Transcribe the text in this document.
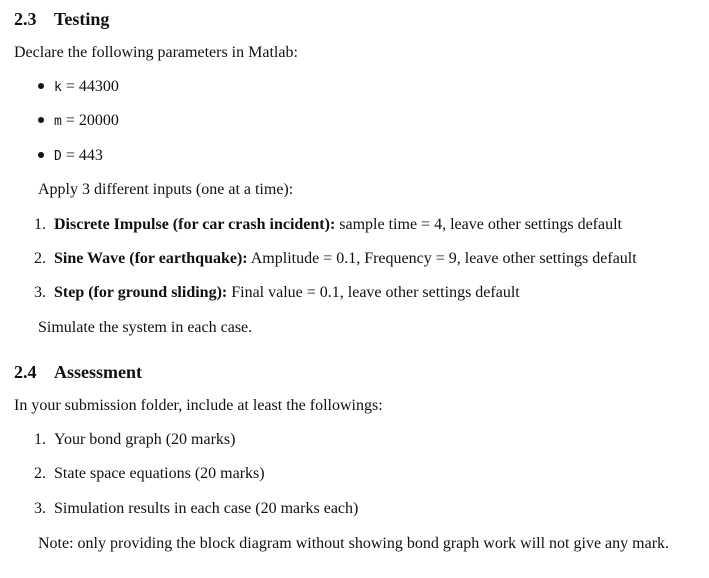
2.3 Testing
Declare the following parameters in Matlab:
k = 44300
m = 20000
D = 443
Apply 3 different inputs (one at a time):
1. Discrete Impulse (for car crash incident): sample time = 4, leave other settings default
2. Sine Wave (for earthquake): Amplitude = 0.1, Frequency = 9, leave other settings default
3. Step (for ground sliding): Final value = 0.1, leave other settings default
Simulate the system in each case.
2.4 Assessment
In your submission folder, include at least the followings:
1. Your bond graph (20 marks)
2. State space equations (20 marks)
3. Simulation results in each case (20 marks each)
Note: only providing the block diagram without showing bond graph work will not give any mark.
